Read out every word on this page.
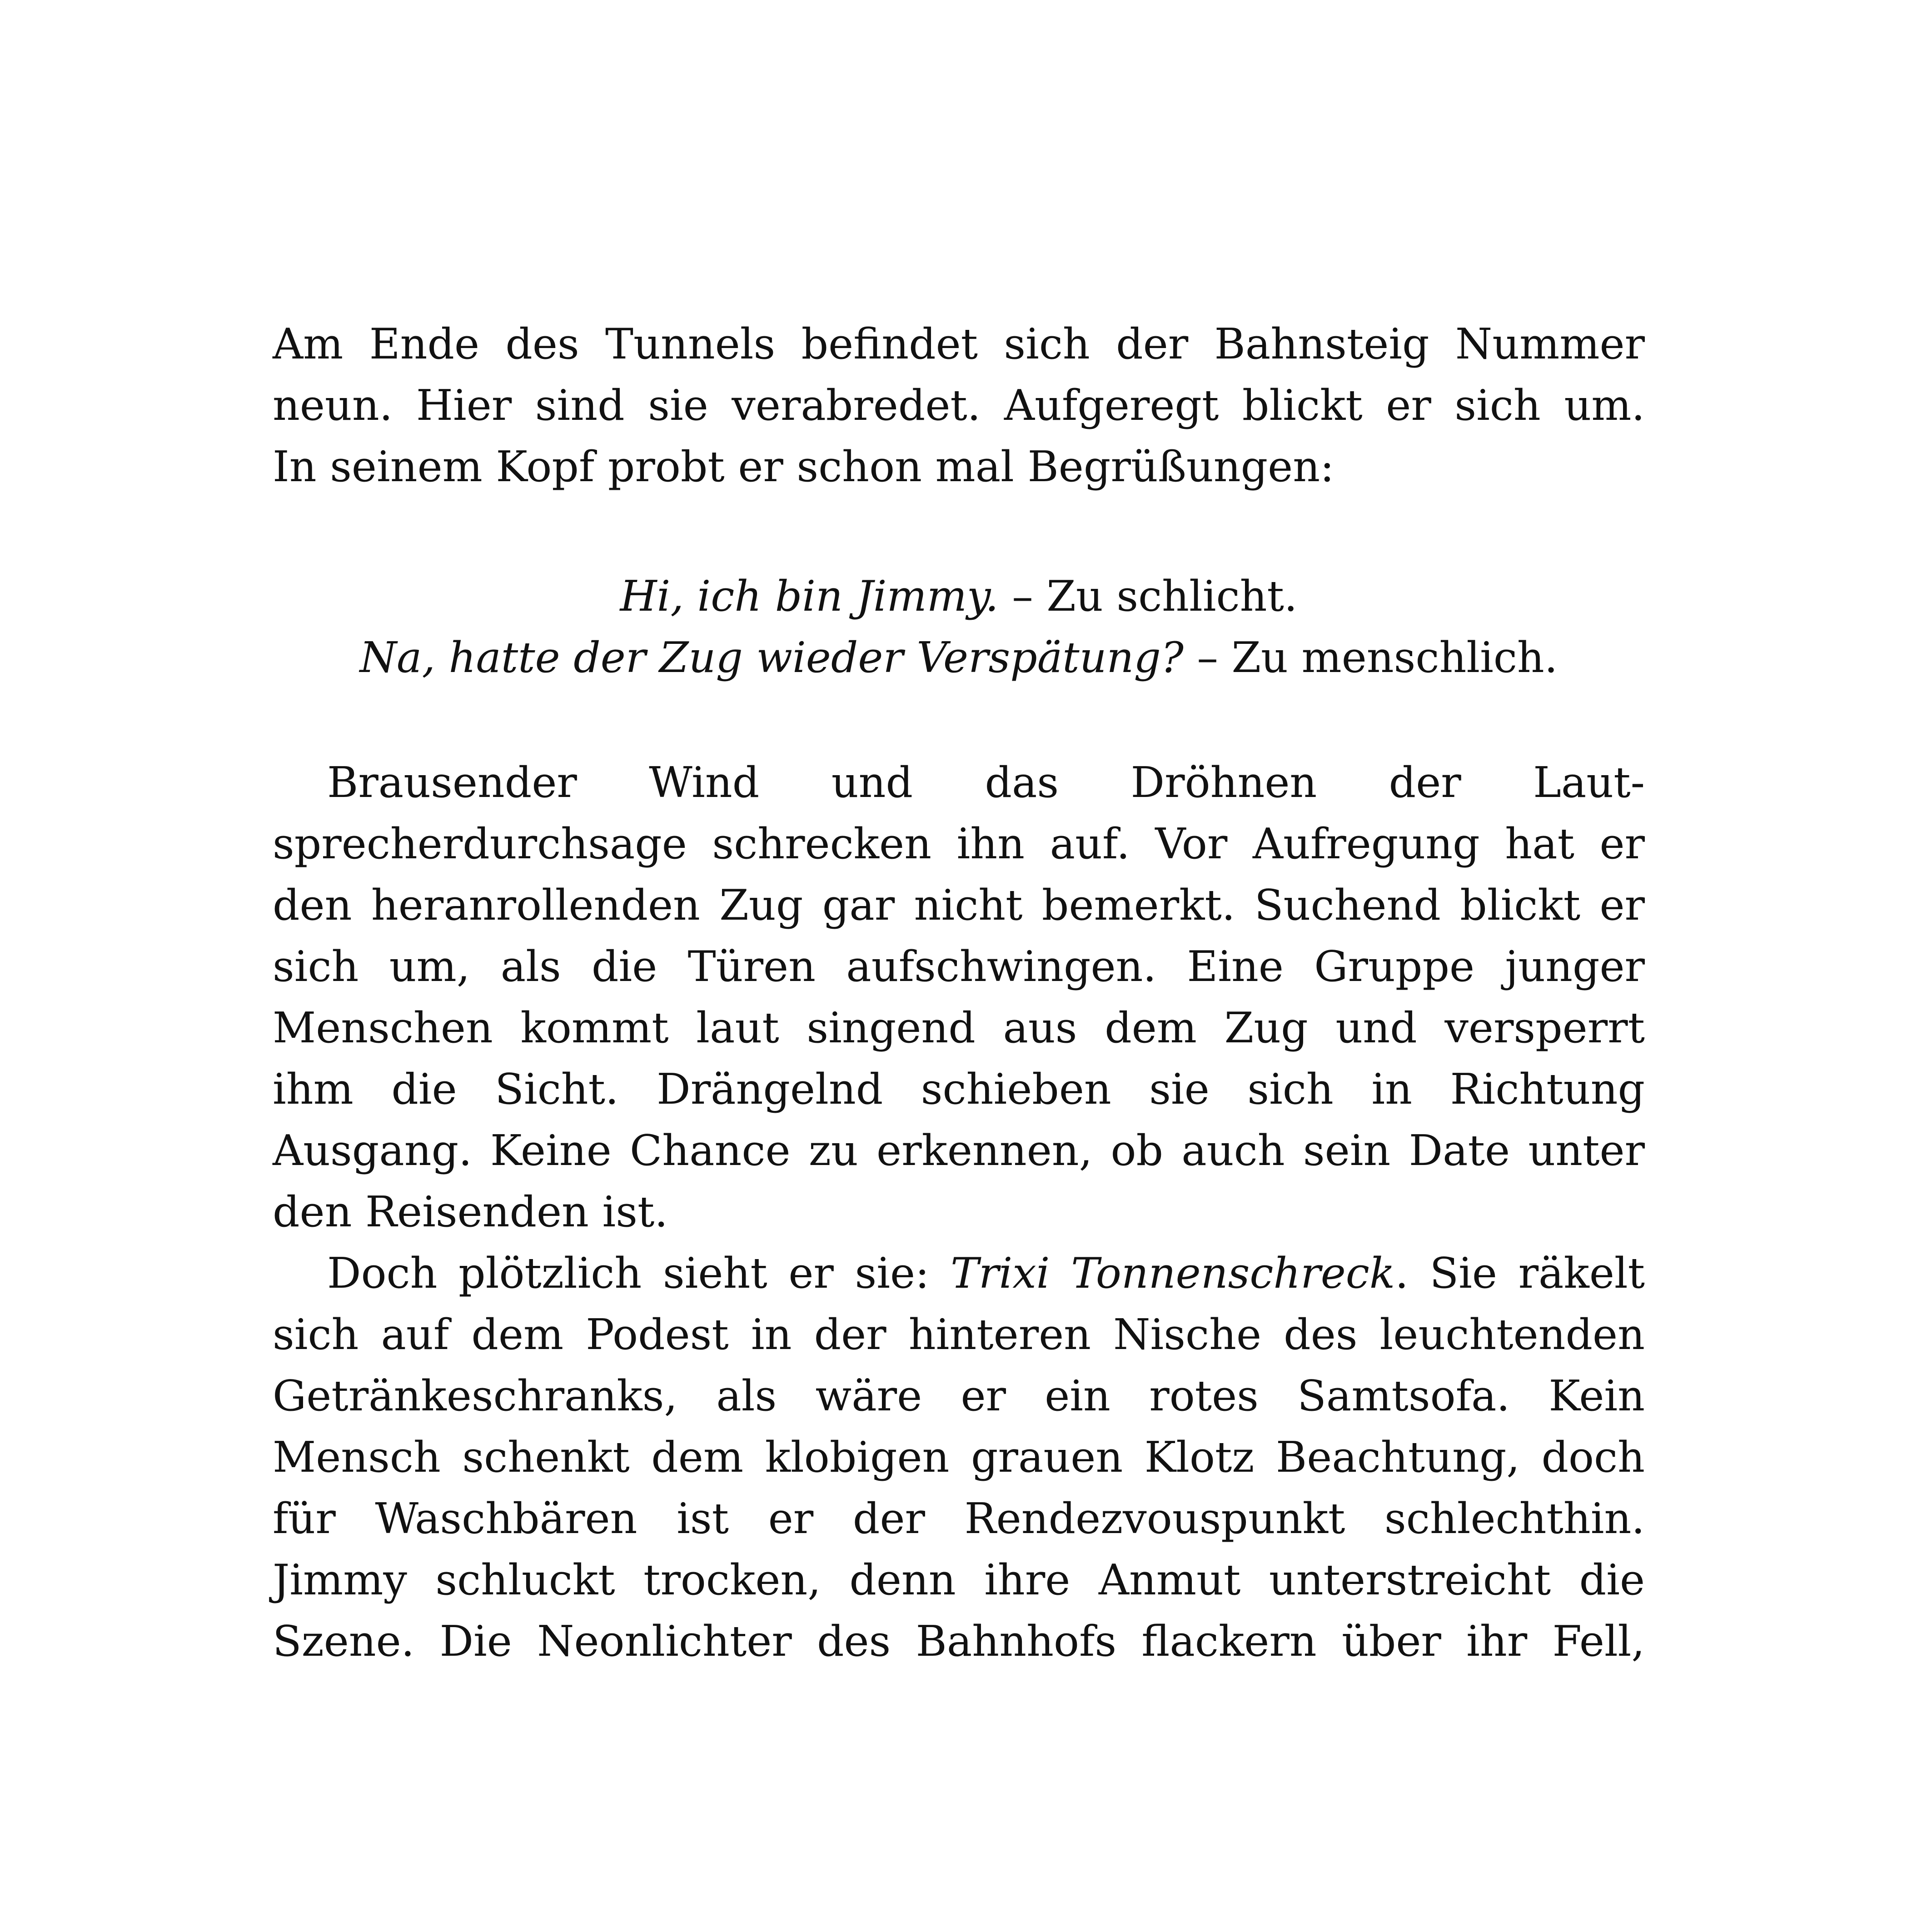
Am Ende des Tunnels befindet sich der Bahnsteig Nummer
neun. Hier sind sie verabredet. Aufgeregt blickt er sich um.
In seinem Kopf probt er schon mal Begrüßungen:
Hi, ich bin Jimmy. – Zu schlicht.
Na, hatte der Zug wieder Verspätung? – Zu menschlich.
Brausender Wind und das Dröhnen der Laut-
sprecherdurchsage schrecken ihn auf. Vor Aufregung hat er
den heranrollenden Zug gar nicht bemerkt. Suchend blickt er
sich um, als die Türen aufschwingen. Eine Gruppe junger
Menschen kommt laut singend aus dem Zug und versperrt
ihm die Sicht. Drängelnd schieben sie sich in Richtung
Ausgang. Keine Chance zu erkennen, ob auch sein Date unter
den Reisenden ist.
Doch plötzlich sieht er sie: Trixi Tonnenschreck. Sie räkelt
sich auf dem Podest in der hinteren Nische des leuchtenden
Getränkeschranks, als wäre er ein rotes Samtsofa. Kein
Mensch schenkt dem klobigen grauen Klotz Beachtung, doch
für Waschbären ist er der Rendezvouspunkt schlechthin.
Jimmy schluckt trocken, denn ihre Anmut unterstreicht die
Szene. Die Neonlichter des Bahnhofs flackern über ihr Fell,
